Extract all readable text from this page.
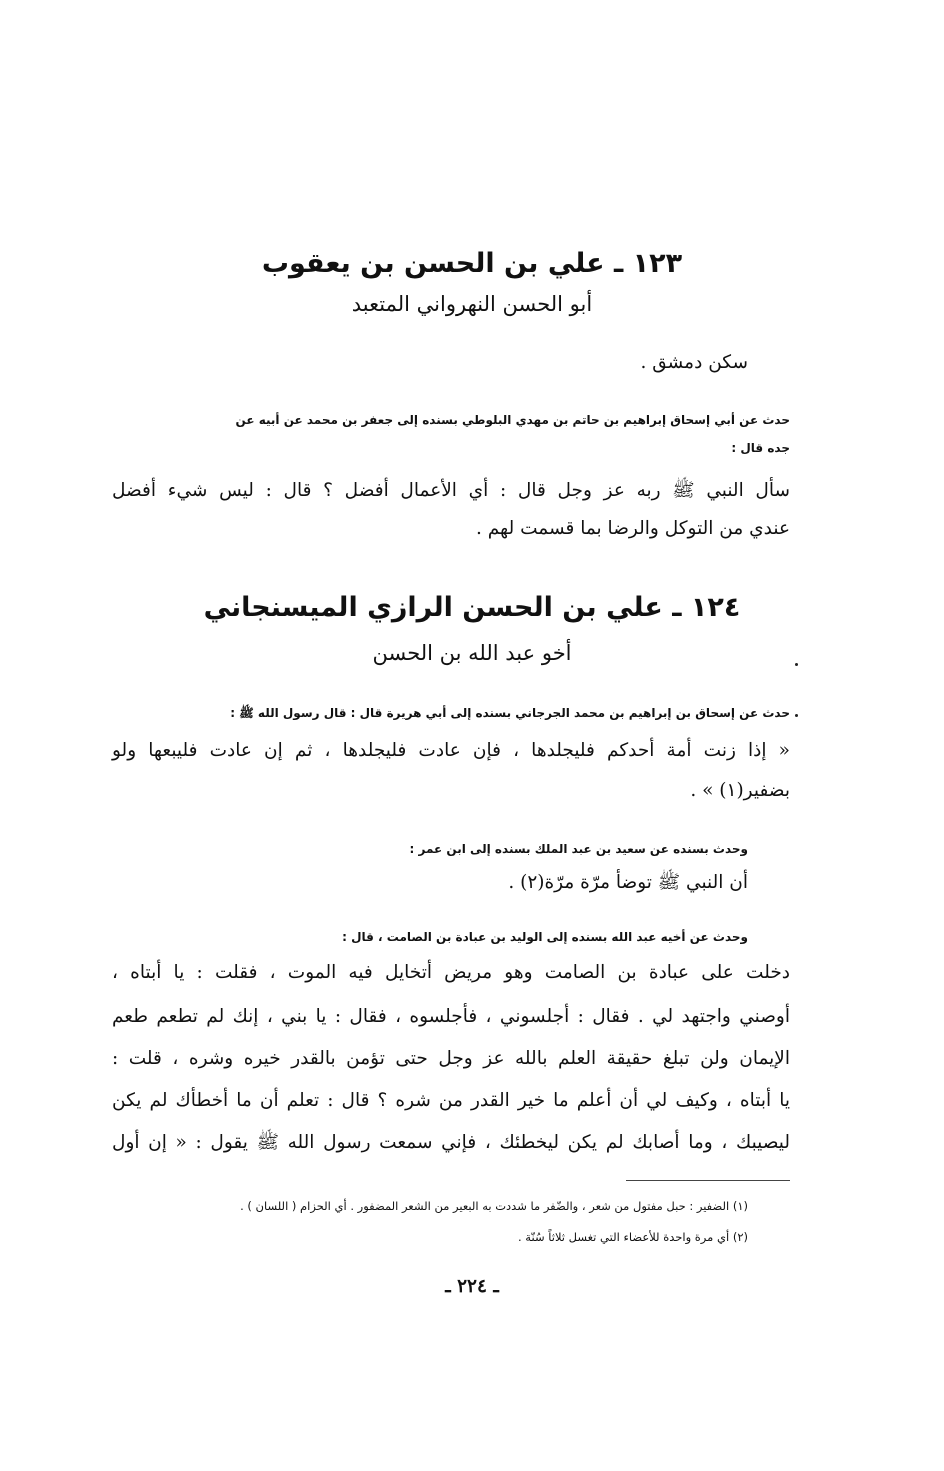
١٢٣ ـ علي بن الحسن بن يعقوب
أبو الحسن النهرواني المتعبد
سكن دمشق .
حدث عن أبي إسحاق إبراهيم بن حاتم بن مهدي البلوطي بسنده إلى جعفر بن محمد عن أبيه عن
جده قال :
سأل النبي ﷺ ربه عز وجل قال : أي الأعمال أفضل ؟ قال : ليس شيء أفضل
عندي من التوكل والرضا بما قسمت لهم .
١٢٤ ـ علي بن الحسن الرازي الميسنجاني
أخو عبد الله بن الحسن
حدث عن إسحاق بن إبراهيم بن محمد الجرجاني بسنده إلى أبي هريرة قال : قال رسول الله ﷺ :
« إذا زنت أمة أحدكم فليجلدها ، فإن عادت فليجلدها ، ثم إن عادت فليبعها ولو
بضفير(١) » .
وحدث بسنده عن سعيد بن عبد الملك بسنده إلى ابن عمر :
أن النبي ﷺ توضأ مرّة مرّة(٢) .
وحدث عن أخيه عبد الله بسنده إلى الوليد بن عبادة بن الصامت ، قال :
دخلت على عبادة بن الصامت وهو مريض أتخايل فيه الموت ، فقلت : يا أبتاه ،
أوصني واجتهد لي . فقال : أجلسوني ، فأجلسوه ، فقال : يا بني ، إنك لم تطعم طعم
الإيمان ولن تبلغ حقيقة العلم بالله عز وجل حتى تؤمن بالقدر خيره وشره ، قلت :
يا أبتاه ، وكيف لي أن أعلم ما خير القدر من شره ؟ قال : تعلم أن ما أخطأك لم يكن
ليصيبك ، وما أصابك لم يكن ليخطئك ، فإني سمعت رسول الله ﷺ يقول : « إن أول
(١) الضفير : حبل مفتول من شعر ، والضّفر ما شددت به البعير من الشعر المضفور . أي الحزام ( اللسان ) .
(٢) أي مرة واحدة للأعضاء التي تغسل ثلاثاً سُنّة .
ـ ٢٢٤ ـ
